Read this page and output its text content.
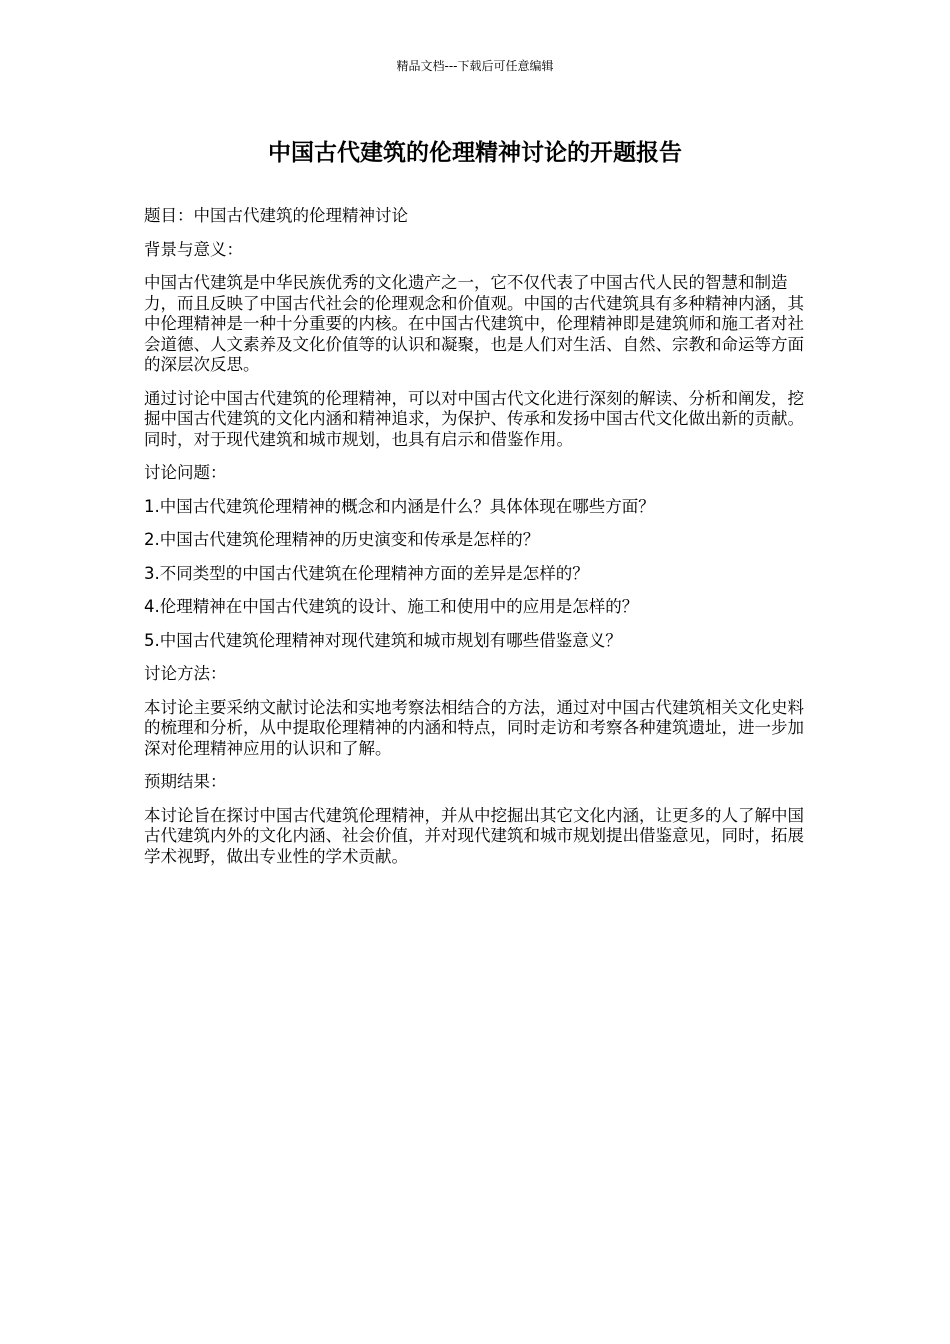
精品文档---下载后可任意编辑
中国古代建筑的伦理精神讨论的开题报告

题目：中国古代建筑的伦理精神讨论

背景与意义：

中国古代建筑是中华民族优秀的文化遗产之一，它不仅代表了中国古代人民的智慧和制造力，而且反映了中国古代社会的伦理观念和价值观。中国的古代建筑具有多种精神内涵，其中伦理精神是一种十分重要的内核。在中国古代建筑中，伦理精神即是建筑师和施工者对社会道德、人文素养及文化价值等的认识和凝聚，也是人们对生活、自然、宗教和命运等方面的深层次反思。

通过讨论中国古代建筑的伦理精神，可以对中国古代文化进行深刻的解读、分析和阐发，挖掘中国古代建筑的文化内涵和精神追求，为保护、传承和发扬中国古代文化做出新的贡献。同时，对于现代建筑和城市规划，也具有启示和借鉴作用。

讨论问题：

1.中国古代建筑伦理精神的概念和内涵是什么？具体体现在哪些方面？

2.中国古代建筑伦理精神的历史演变和传承是怎样的？

3.不同类型的中国古代建筑在伦理精神方面的差异是怎样的？

4.伦理精神在中国古代建筑的设计、施工和使用中的应用是怎样的？

5.中国古代建筑伦理精神对现代建筑和城市规划有哪些借鉴意义？

讨论方法：

本讨论主要采纳文献讨论法和实地考察法相结合的方法，通过对中国古代建筑相关文化史料的梳理和分析，从中提取伦理精神的内涵和特点，同时走访和考察各种建筑遗址，进一步加深对伦理精神应用的认识和了解。

预期结果：

本讨论旨在探讨中国古代建筑伦理精神，并从中挖掘出其它文化内涵，让更多的人了解中国古代建筑内外的文化内涵、社会价值，并对现代建筑和城市规划提出借鉴意见，同时，拓展学术视野，做出专业性的学术贡献。
